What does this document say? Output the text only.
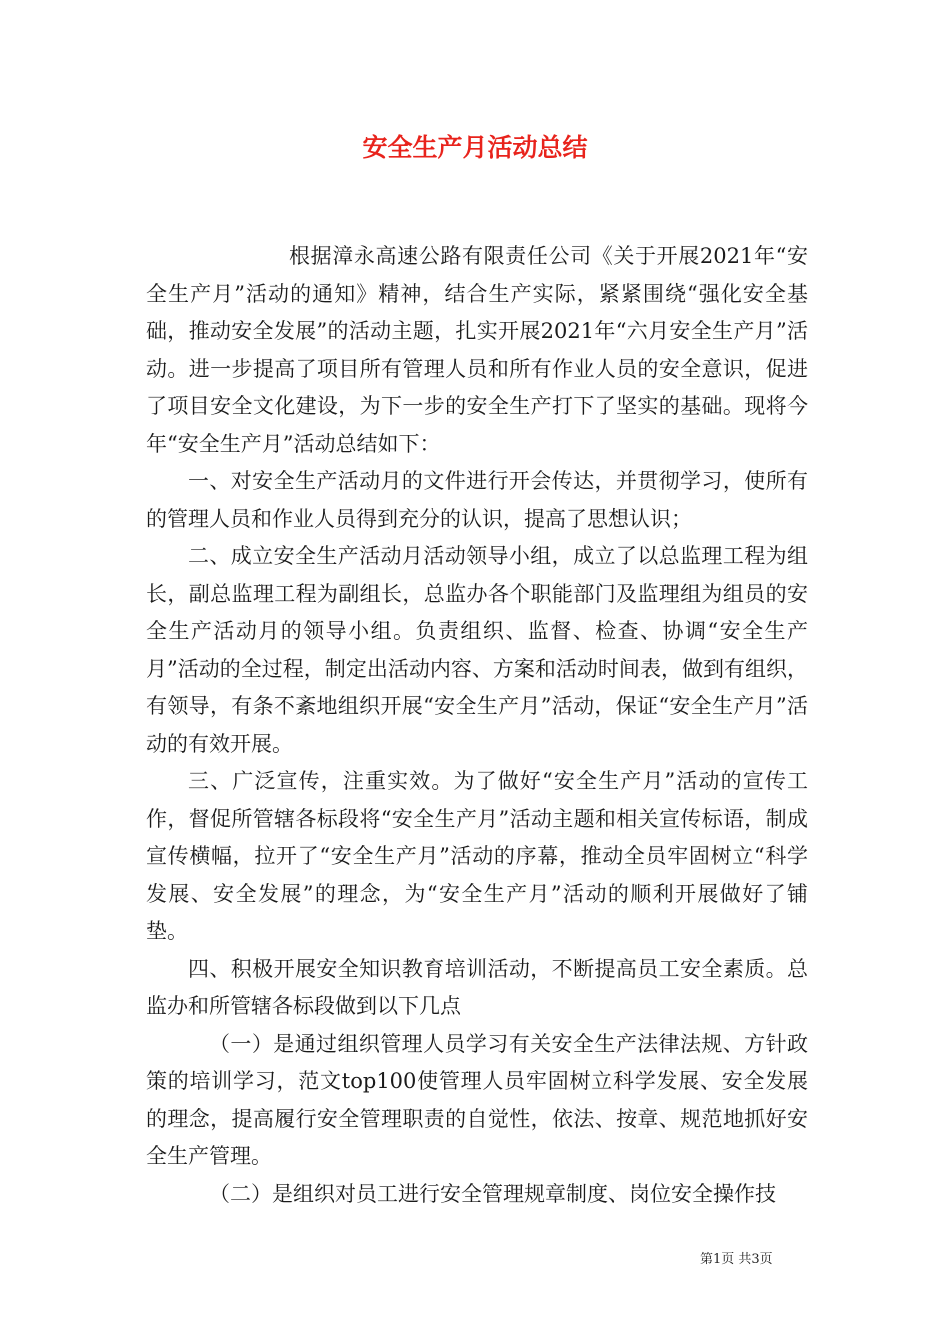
安全生产月活动总结

根据漳永高速公路有限责任公司《关于开展2021年“安全生产月”活动的通知》精神，结合生产实际，紧紧围绕“强化安全基础，推动安全发展”的活动主题，扎实开展2021年“六月安全生产月”活动。进一步提高了项目所有管理人员和所有作业人员的安全意识，促进了项目安全文化建设，为下一步的安全生产打下了坚实的基础。现将今年“安全生产月”活动总结如下：

一、对安全生产活动月的文件进行开会传达，并贯彻学习，使所有的管理人员和作业人员得到充分的认识，提高了思想认识；

二、成立安全生产活动月活动领导小组，成立了以总监理工程为组长，副总监理工程为副组长，总监办各个职能部门及监理组为组员的安全生产活动月的领导小组。负责组织、监督、检查、协调“安全生产月”活动的全过程，制定出活动内容、方案和活动时间表，做到有组织，有领导，有条不紊地组织开展“安全生产月”活动，保证“安全生产月”活动的有效开展。

三、广泛宣传，注重实效。为了做好“安全生产月”活动的宣传工作，督促所管辖各标段将“安全生产月”活动主题和相关宣传标语，制成宣传横幅，拉开了“安全生产月”活动的序幕，推动全员牢固树立“科学发展、安全发展”的理念，为“安全生产月”活动的顺利开展做好了铺垫。

四、积极开展安全知识教育培训活动，不断提高员工安全素质。总监办和所管辖各标段做到以下几点

（一）是通过组织管理人员学习有关安全生产法律法规、方针政策的培训学习，范文top100使管理人员牢固树立科学发展、安全发展的理念，提高履行安全管理职责的自觉性，依法、按章、规范地抓好安全生产管理。

（二）是组织对员工进行安全管理规章制度、岗位安全操作技

第1页 共3页
